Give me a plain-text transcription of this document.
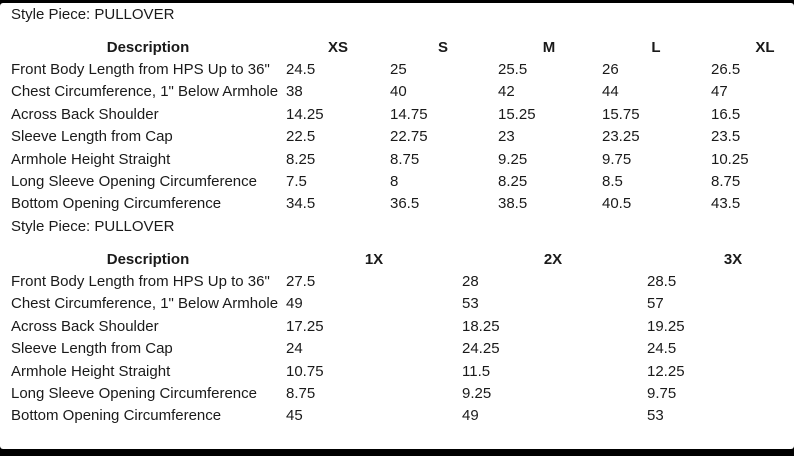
Style Piece: PULLOVER
Description	XS	S	M	L	XL
Front Body Length from HPS Up to 36" 24.5	25	25.5	26	26.5
Chest Circumference, 1" Below Armhole 38	40	42	44	47
Across Back Shoulder	14.25	14.75	15.25	15.75	16.5
Sleeve Length from Cap	22.5	22.75	23	23.25	23.5
Armhole Height Straight	8.25	8.75	9.25	9.75	10.25
Long Sleeve Opening Circumference 7.5	8	8.25	8.5	8.75
Bottom Opening Circumference	34.5	36.5	38.5	40.5	43.5
Style Piece: PULLOVER
Description	1X	2X	3X
Front Body Length from HPS Up to 36" 27.5	28	28.5
Chest Circumference, 1" Below Armhole 49	53	57
Across Back Shoulder	17.25	18.25	19.25
Sleeve Length from Cap	24	24.25	24.5
Armhole Height Straight	10.75	11.5	12.25
Long Sleeve Opening Circumference 8.75	9.25	9.75
Bottom Opening Circumference	45	49	53
